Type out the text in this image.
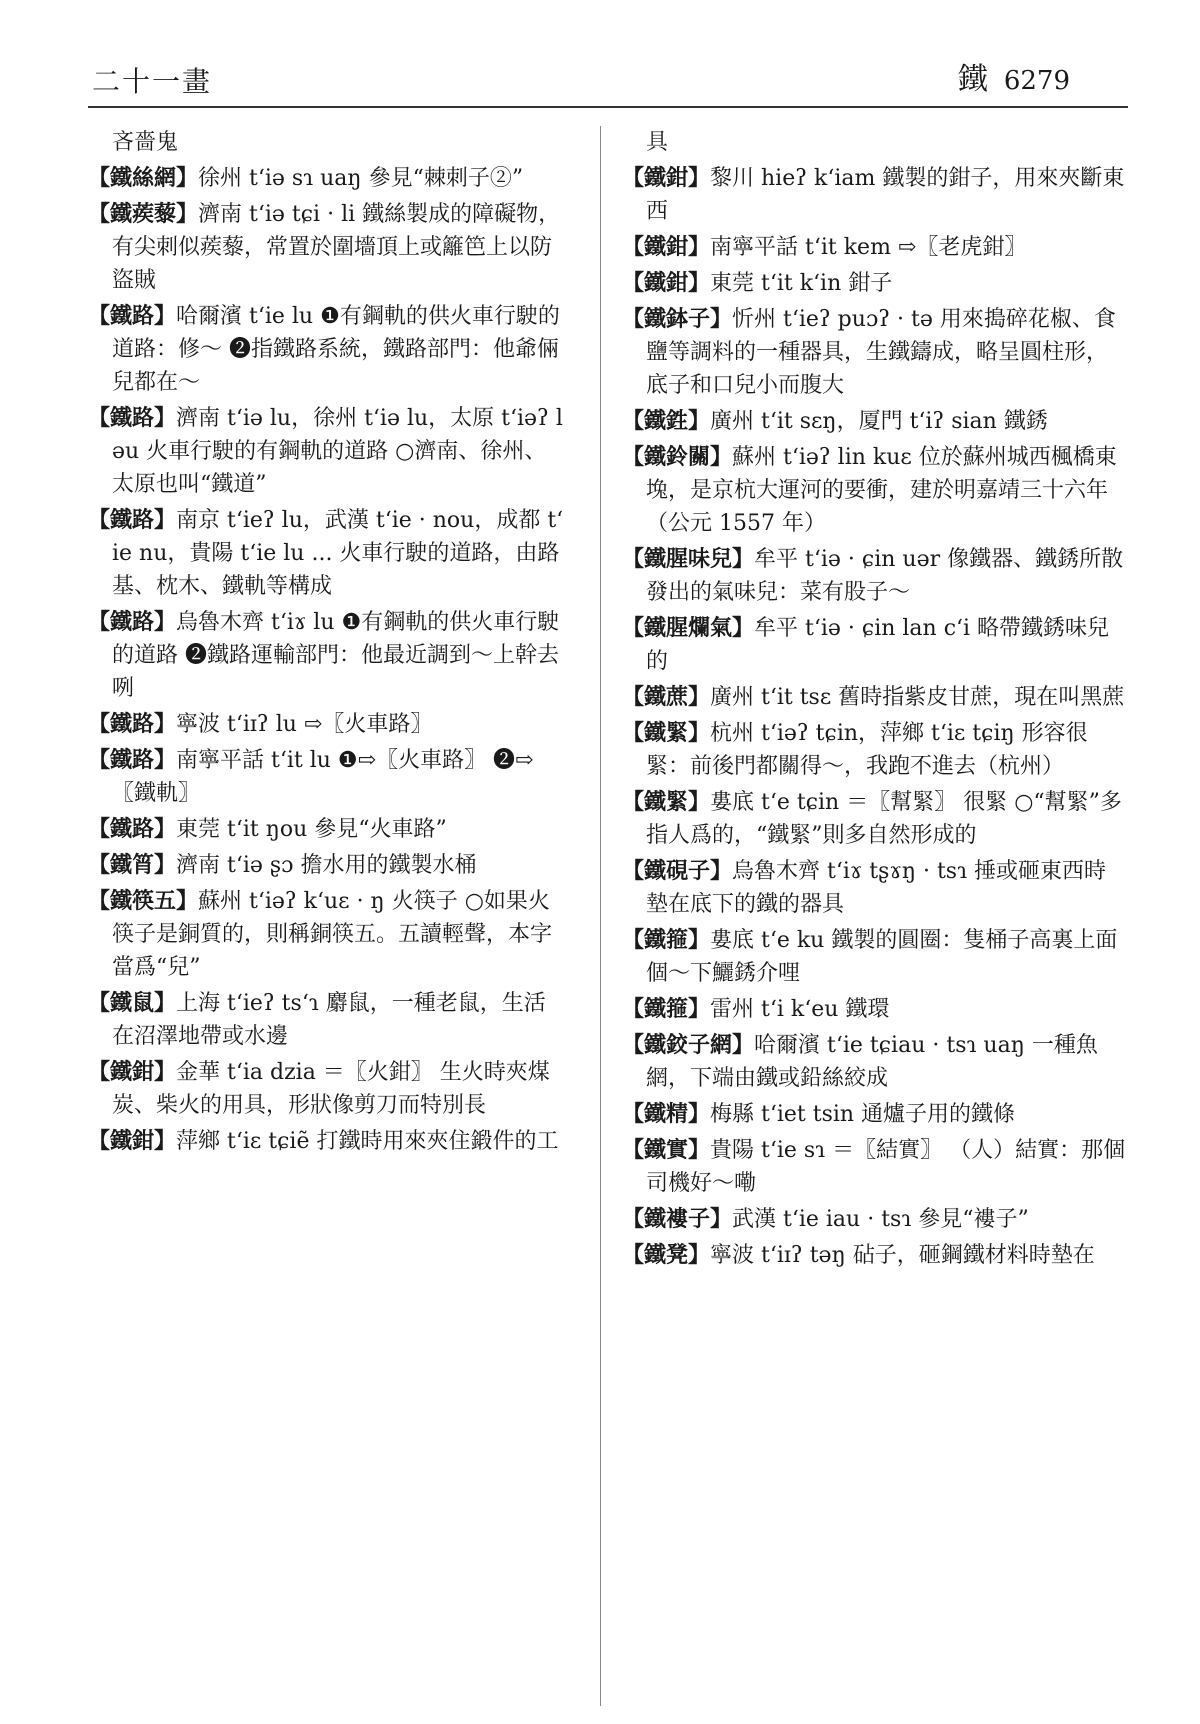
二十一畫	鐵 6279
吝嗇鬼
【鐵絲網】徐州 tʻiə sɿ uaŋ 參見“棘刺子②”
【鐵蒺藜】濟南 tʻiə tɕi · li 鐵絲製成的障礙物，有尖刺似蒺藜，常置於圍墻頂上或籬笆上以防盜賊
【鐵路】哈爾濱 tʻie lu ❶有鋼軌的供火車行駛的道路：修～ ❷指鐵路系統，鐵路部門：他爺倆兒都在～
【鐵路】濟南 tʻiə lu，徐州 tʻiə lu，太原 tʻiəʔ ləu 火車行駛的有鋼軌的道路 ○濟南、徐州、太原也叫“鐵道”
【鐵路】南京 tʻieʔ lu，武漢 tʻie · nou，成都 tʻie nu，貴陽 tʻie lu ... 火車行駛的道路，由路基、枕木、鐵軌等構成
【鐵路】烏魯木齊 tʻiɤ lu ❶有鋼軌的供火車行駛的道路 ❷鐵路運輸部門：他最近調到～上幹去咧
【鐵路】寧波 tʻiɪʔ lu ⇨〖火車路〗
【鐵路】南寧平話 tʻit lu ❶⇨〖火車路〗 ❷⇨〖鐵軌〗
【鐵路】東莞 tʻit ŋou 參見“火車路”
【鐵筲】濟南 tʻiə ʂɔ 擔水用的鐵製水桶
【鐵筷五】蘇州 tʻiəʔ kʻuɛ · ŋ 火筷子 ○如果火筷子是銅質的，則稱銅筷五。五讀輕聲，本字當爲“兒”
【鐵鼠】上海 tʻieʔ tsʻɿ 麝鼠，一種老鼠，生活在沼澤地帶或水邊
【鐵鉗】金華 tʻia dzia ＝〖火鉗〗 生火時夾煤炭、柴火的用具，形狀像剪刀而特別長
【鐵鉗】萍鄉 tʻiɛ tɕiẽ 打鐵時用來夾住鍛件的工
具
【鐵鉗】黎川 hieʔ kʻiam 鐵製的鉗子，用來夾斷東西
【鐵鉗】南寧平話 tʻit kem ⇨〖老虎鉗〗
【鐵鉗】東莞 tʻit kʻin 鉗子
【鐵鉢子】忻州 tʻieʔ puɔʔ · tə 用來搗碎花椒、食鹽等調料的一種器具，生鐵鑄成，略呈圓柱形，底子和口兒小而腹大
【鐵鉎】廣州 tʻit sɛŋ，厦門 tʻiʔ sian 鐵銹
【鐵鈴關】蘇州 tʻiəʔ lin kuɛ 位於蘇州城西楓橋東堍，是京杭大運河的要衝，建於明嘉靖三十六年（公元 1557 年）
【鐵腥味兒】牟平 tʻiə · ɕin uər 像鐵器、鐵銹所散發出的氣味兒：菜有股子～
【鐵腥爛氣】牟平 tʻiə · ɕin lan cʻi 略帶鐵銹味兒的
【鐵蔗】廣州 tʻit tsɛ 舊時指紫皮甘蔗，現在叫黑蔗
【鐵緊】杭州 tʻiəʔ tɕin，萍鄉 tʻiɛ tɕiŋ 形容很緊：前後門都關得～，我跑不進去（杭州）
【鐵緊】婁底 tʻe tɕin ＝〖幫緊〗 很緊 ○“幫緊”多指人爲的，“鐵緊”則多自然形成的
【鐵硯子】烏魯木齊 tʻiɤ tʂɤŋ · tsɿ 捶或砸東西時墊在底下的鐵的器具
【鐵箍】婁底 tʻe ku 鐵製的圓圈：隻桶子高裏上面個～下鱺銹介哩
【鐵箍】雷州 tʻi kʻeu 鐵環
【鐵鉸子網】哈爾濱 tʻie tɕiau · tsɿ uaŋ 一種魚網，下端由鐵或鉛絲絞成
【鐵精】梅縣 tʻiet tsin 通爐子用的鐵條
【鐵實】貴陽 tʻie sɿ ＝〖結實〗 （人）結實：那個司機好～嘞
【鐵褸子】武漢 tʻie iau · tsɿ 參見“褸子”
【鐵凳】寧波 tʻiɪʔ təŋ 砧子，砸鋼鐵材料時墊在
